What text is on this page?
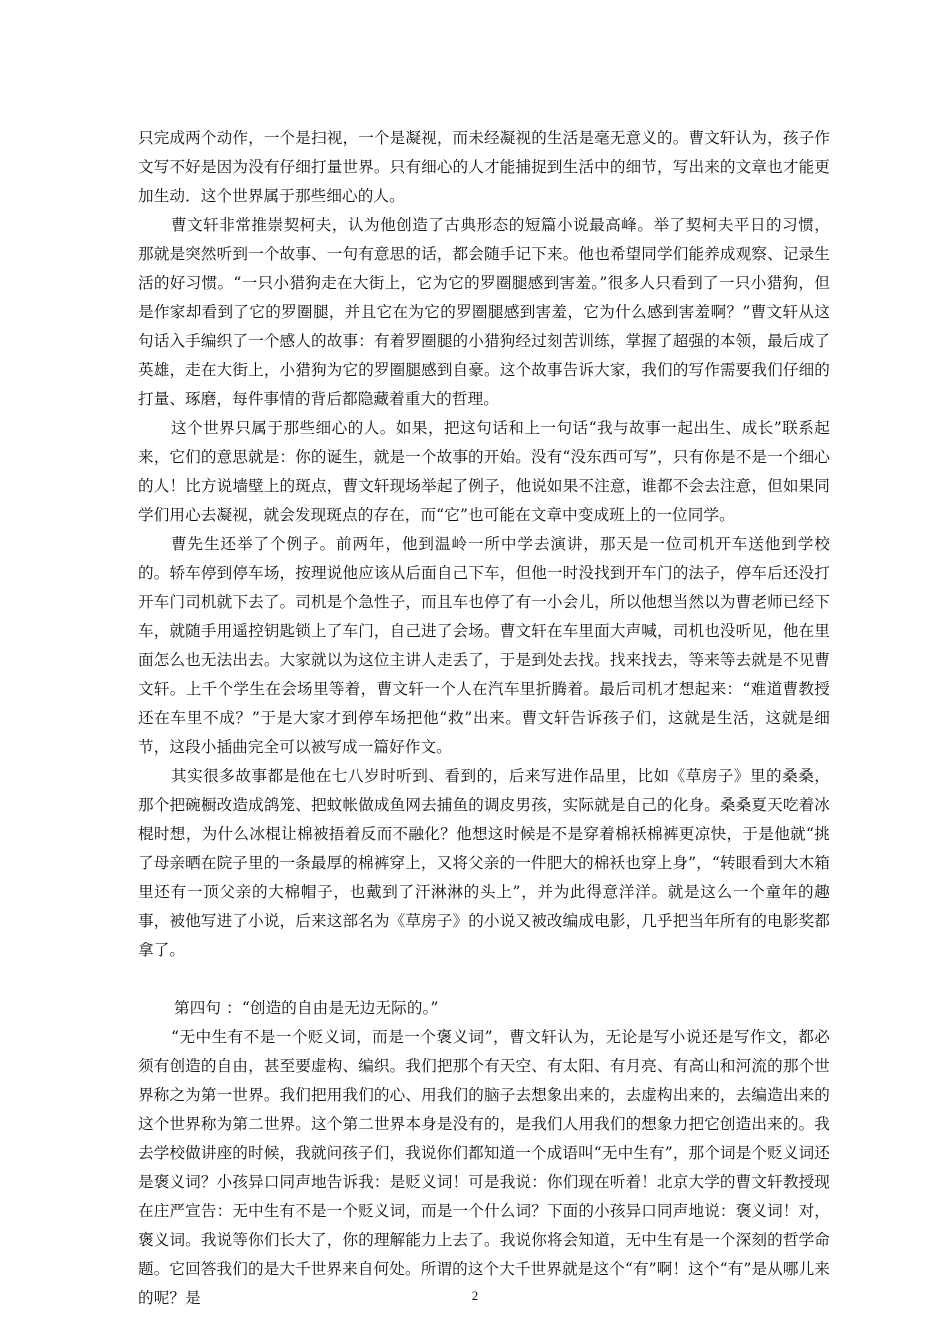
只完成两个动作，一个是扫视，一个是凝视，而未经凝视的生活是毫无意义的。曹文轩认为，孩子作文写不好是因为没有仔细打量世界。只有细心的人才能捕捉到生活中的细节，写出来的文章也才能更加生动．这个世界属于那些细心的人。

曹文轩非常推崇契柯夫，认为他创造了古典形态的短篇小说最高峰。举了契柯夫平日的习惯，那就是突然听到一个故事、一句有意思的话，都会随手记下来。他也希望同学们能养成观察、记录生活的好习惯。“一只小猎狗走在大街上，它为它的罗圈腿感到害羞。”很多人只看到了一只小猎狗，但是作家却看到了它的罗圈腿，并且它在为它的罗圈腿感到害羞，它为什么感到害羞啊？”曹文轩从这句话入手编织了一个感人的故事：有着罗圈腿的小猎狗经过刻苦训练，掌握了超强的本领，最后成了英雄，走在大街上，小猎狗为它的罗圈腿感到自豪。这个故事告诉大家，我们的写作需要我们仔细的打量、琢磨，每件事情的背后都隐藏着重大的哲理。

这个世界只属于那些细心的人。如果，把这句话和上一句话“我与故事一起出生、成长”联系起来，它们的意思就是：你的诞生，就是一个故事的开始。没有“没东西可写”，只有你是不是一个细心的人！比方说墙壁上的斑点，曹文轩现场举起了例子，他说如果不注意，谁都不会去注意，但如果同学们用心去凝视，就会发现斑点的存在，而“它”也可能在文章中变成班上的一位同学。

曹先生还举了个例子。前两年，他到温岭一所中学去演讲，那天是一位司机开车送他到学校的。轿车停到停车场，按理说他应该从后面自己下车，但他一时没找到开车门的法子，停车后还没打开车门司机就下去了。司机是个急性子，而且车也停了有一小会儿，所以他想当然以为曹老师已经下车，就随手用遥控钥匙锁上了车门，自己进了会场。曹文轩在车里面大声喊，司机也没听见，他在里面怎么也无法出去。大家就以为这位主讲人走丢了，于是到处去找。找来找去，等来等去就是不见曹文轩。上千个学生在会场里等着，曹文轩一个人在汽车里折腾着。最后司机才想起来：“难道曹教授还在车里不成？”于是大家才到停车场把他“救”出来。曹文轩告诉孩子们，这就是生活，这就是细节，这段小插曲完全可以被写成一篇好作文。

其实很多故事都是他在七八岁时听到、看到的，后来写进作品里，比如《草房子》里的桑桑，那个把碗橱改造成鸽笼、把蚊帐做成鱼网去捕鱼的调皮男孩，实际就是自己的化身。桑桑夏天吃着冰棍时想，为什么冰棍让棉被捂着反而不融化？他想这时候是不是穿着棉袄棉裤更凉快，于是他就“挑了母亲晒在院子里的一条最厚的棉裤穿上，又将父亲的一件肥大的棉袄也穿上身”，“转眼看到大木箱里还有一顶父亲的大棉帽子，也戴到了汗淋淋的头上”，并为此得意洋洋。就是这么一个童年的趣事，被他写进了小说，后来这部名为《草房子》的小说又被改编成电影，几乎把当年所有的电影奖都拿了。

第四句 ：“创造的自由是无边无际的。”

“无中生有不是一个贬义词，而是一个褒义词”，曹文轩认为，无论是写小说还是写作文，都必须有创造的自由，甚至要虚构、编织。我们把那个有天空、有太阳、有月亮、有高山和河流的那个世界称之为第一世界。我们把用我们的心、用我们的脑子去想象出来的，去虚构出来的，去编造出来的这个世界称为第二世界。这个第二世界本身是没有的，是我们人用我们的想象力把它创造出来的。我去学校做讲座的时候，我就问孩子们，我说你们都知道一个成语叫“无中生有”，那个词是个贬义词还是褒义词？小孩异口同声地告诉我：是贬义词！可是我说：你们现在听着！北京大学的曹文轩教授现在庄严宣告：无中生有不是一个贬义词，而是一个什么词？下面的小孩异口同声地说：褒义词！对，褒义词。我说等你们长大了，你的理解能力上去了。我说你将会知道，无中生有是一个深刻的哲学命题。它回答我们的是大千世界来自何处。所谓的这个大千世界就是这个“有”啊！这个“有”是从哪儿来的呢？是	2
